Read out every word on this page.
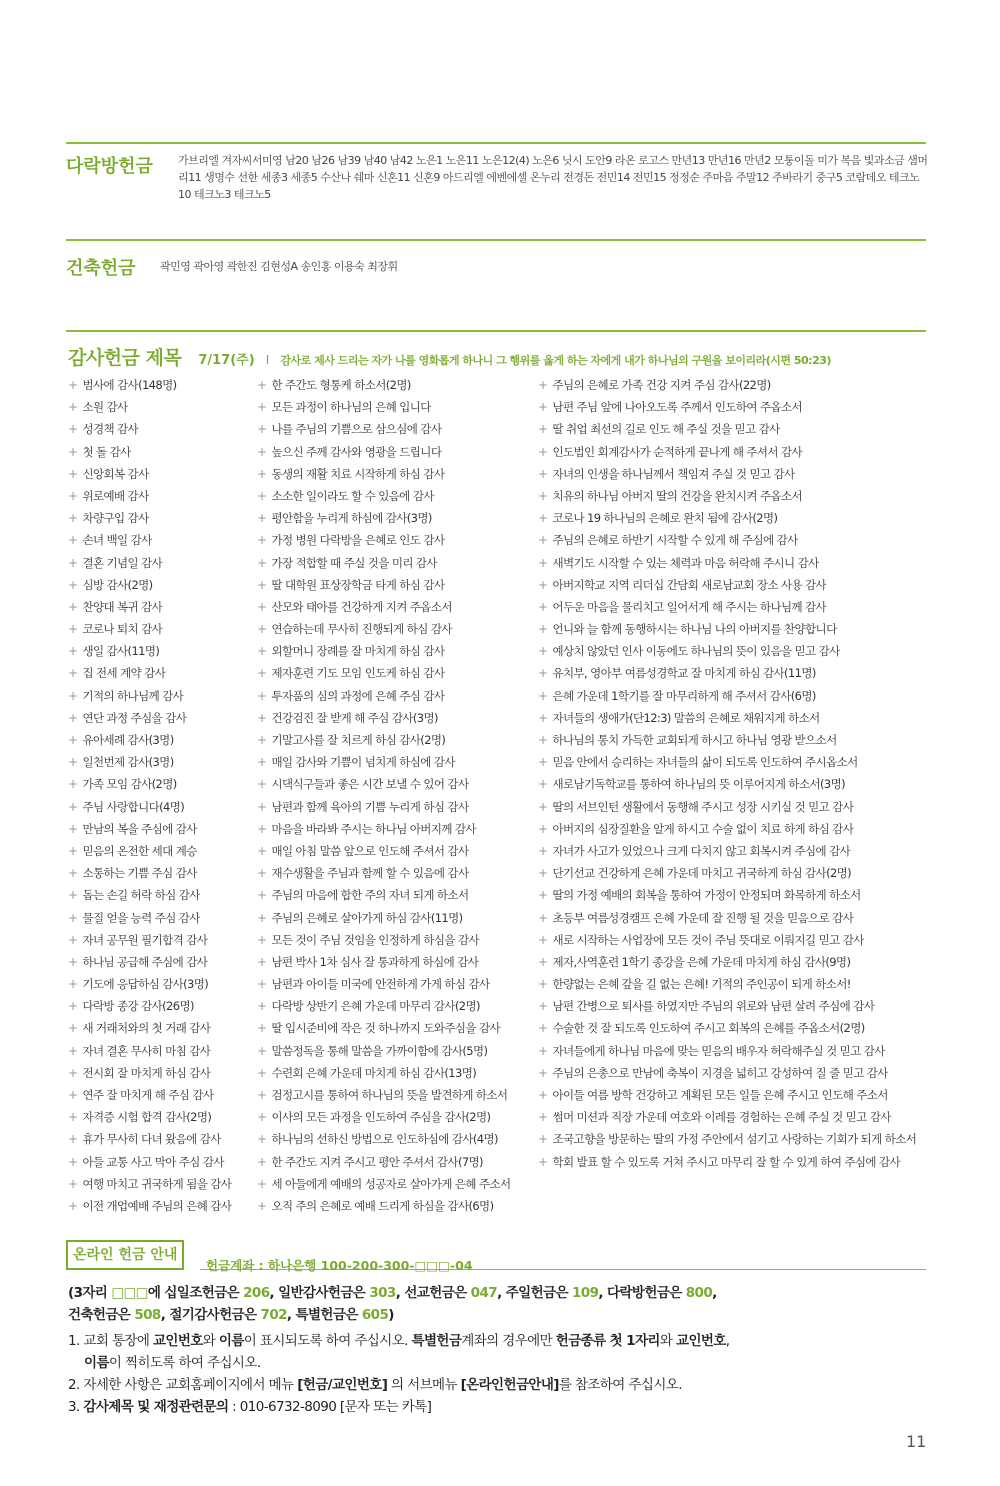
다락방헌금 가브리엘 겨자씨서미영 남20 남26 남39 남40 남42 노은1 노은11 노은12(4) 노은6 닛시 도안9 라온 로고스 만년13 만년16 만년2 모퉁이돌 미가 복음 빛과소금 샘머리11 생명수 선한 세종3 세종5 수산나 쉐마 신혼11 신혼9 아드리엘 에벤에셀 온누리 전경돈 전민14 전민15 정정순 주마음 주말12 주바라기 중구5 코람데오 테크노10 테크노3 테크노5
건축헌금 곽민영 곽아영 곽한진 김현성A 송인홍 이용숙 최장휘
감사헌금 제목 7/17(주) I 감사로 제사 드리는 자가 나를 영화롭게 하나니 그 행위를 옳게 하는 자에게 내가 하나님의 구원을 보이리라(시편 50:23)
+ 범사에 감사(148명)
+ 소원 감사
+ 성경책 감사
+ 첫 돌 감사
+ 신앙회복 감사
+ 위로예배 감사
+ 차량구입 감사
+ 손녀 백일 감사
+ 결혼 기념일 감사
+ 심방 감사(2명)
+ 찬양대 복귀 감사
+ 코로나 퇴치 감사
+ 생일 감사(11명)
+ 집 전세 계약 감사
+ 기적의 하나님께 감사
+ 연단 과정 주심을 감사
+ 유아세례 감사(3명)
+ 일천번제 감사(3명)
+ 가족 모임 감사(2명)
+ 주님 사랑합니다(4명)
+ 만남의 복을 주심에 감사
+ 믿음의 온전한 세대 계승
+ 소통하는 기쁨 주심 감사
+ 돕는 손길 허락 하심 감사
+ 물질 얻을 능력 주심 감사
+ 자녀 공무원 필기합격 감사
+ 하나님 공급해 주심에 감사
+ 기도에 응답하심 감사(3명)
+ 다락방 종강 감사(26명)
+ 새 거래처와의 첫 거래 감사
+ 자녀 결혼 무사히 마침 감사
+ 전시회 잘 마치게 하심 감사
+ 연주 잘 마치게 해 주심 감사
+ 자격증 시험 합격 감사(2명)
+ 휴가 무사히 다녀 왔음에 감사
+ 아들 교통 사고 막아 주심 감사
+ 여행 마치고 귀국하게 됨을 감사
+ 이전 개업예배 주님의 은혜 감사
+ 한 주간도 형통케 하소서(2명)
+ 모든 과정이 하나님의 은혜 입니다
+ 나를 주님의 기쁨으로 삼으심에 감사
+ 높으신 주께 감사와 영광을 드립니다
+ 동생의 재활 치료 시작하게 하심 감사
+ 소소한 일이라도 할 수 있음에 감사
+ 평안함을 누리게 하심에 감사(3명)
+ 가정 병원 다락방을 은혜로 인도 감사
+ 가장 적합할 때 주실 것을 미리 감사
+ 딸 대학원 표상장학금 타게 하심 감사
+ 산모와 태아를 건강하게 지켜 주옵소서
+ 연습하는데 무사히 진행되게 하심 감사
+ 외할머니 장례를 잘 마치게 하심 감사
+ 제자훈련 기도 모임 인도케 하심 감사
+ 투자품의 심의 과정에 은혜 주심 감사
+ 건강검진 잘 받게 해 주심 감사(3명)
+ 기말고사를 잘 치르게 하심 감사(2명)
+ 매일 감사와 기쁨이 넘치게 하심에 감사
+ 시댁식구들과 좋은 시간 보낼 수 있어 감사
+ 남편과 함께 육아의 기쁨 누리게 하심 감사
+ 마음을 바라봐 주시는 하나님 아버지께 감사
+ 매일 아침 말씀 앞으로 인도해 주셔서 감사
+ 재수생활을 주님과 함께 할 수 있음에 감사
+ 주님의 마음에 합한 주의 자녀 되게 하소서
+ 주님의 은혜로 살아가게 하심 감사(11명)
+ 모든 것이 주님 것임을 인정하게 하심을 감사
+ 남편 박사 1차 심사 잘 통과하게 하심에 감사
+ 남편과 아이들 미국에 안전하게 가게 하심 감사
+ 다락방 상반기 은혜 가운데 마무리 감사(2명)
+ 딸 입시준비에 작은 것 하나까지 도와주심을 감사
+ 말씀정독을 통해 말씀을 가까이함에 감사(5명)
+ 수련회 은혜 가운데 마치게 하심 감사(13명)
+ 검정고시를 통하여 하나님의 뜻을 발견하게 하소서
+ 이사의 모든 과정을 인도하여 주심을 감사(2명)
+ 하나님의 선하신 방법으로 인도하심에 감사(4명)
+ 한 주간도 지켜 주시고 평안 주셔서 감사(7명)
+ 세 아들에게 예배의 성공자로 살아가게 은혜 주소서
+ 오직 주의 은혜로 예배 드리게 하심을 감사(6명)
+ 주님의 은혜로 가족 건강 지켜 주심 감사(22명)
+ 남편 주님 앞에 나아오도록 주께서 인도하여 주옵소서
+ 딸 취업 최선의 길로 인도 해 주실 것을 믿고 감사
+ 인도법인 회계감사가 순적하게 끝나게 해 주셔서 감사
+ 자녀의 인생을 하나님께서 책임져 주실 것 믿고 감사
+ 치유의 하나님 아버지 딸의 건강을 완치시켜 주옵소서
+ 코로나 19 하나님의 은혜로 완치 됨에 감사(2명)
+ 주님의 은혜로 하반기 시작할 수 있게 해 주심에 감사
+ 새벽기도 시작할 수 있는 체력과 마음 허락해 주시니 감사
+ 아버지학교 지역 리더십 간담회 새로남교회 장소 사용 감사
+ 어두운 마음을 물리치고 일어서게 해 주시는 하나님께 감사
+ 언니와 늘 함께 동행하시는 하나님 나의 아버지를 찬양합니다
+ 예상치 않았던 인사 이동에도 하나님의 뜻이 있음을 믿고 감사
+ 유치부, 영아부 여름성경학교 잘 마치게 하심 감사(11명)
+ 은혜 가운데 1학기를 잘 마무리하게 해 주셔서 감사(6명)
+ 자녀들의 생애가(단12:3) 말씀의 은혜로 채워지게 하소서
+ 하나님의 통치 가득한 교회되게 하시고 하나님 영광 받으소서
+ 믿음 안에서 승리하는 자녀들의 삶이 되도록 인도하여 주시옵소서
+ 새로남기독학교를 통하여 하나님의 뜻 이루어지게 하소서(3명)
+ 딸의 서브인턴 생활에서 동행해 주시고 성장 시키실 것 믿고 감사
+ 아버지의 심장질환을 알게 하시고 수술 없이 치료 하게 하심 감사
+ 자녀가 사고가 있었으나 크게 다치지 않고 회복시켜 주심에 감사
+ 단기선교 건강하게 은혜 가운데 마치고 귀국하게 하심 감사(2명)
+ 딸의 가정 예배의 회복을 통하여 가정이 안정되며 화목하게 하소서
+ 초등부 여름성경캠프 은혜 가운데 잘 진행 될 것을 믿음으로 감사
+ 새로 시작하는 사업장에 모든 것이 주님 뜻대로 이뤄지길 믿고 감사
+ 제자,사역훈련 1학기 종강을 은혜 가운데 마치게 하심 감사(9명)
+ 한량없는 은혜 갚을 길 없는 은혜! 기적의 주인공이 되게 하소서!
+ 남편 간병으로 퇴사를 하였지만 주님의 위로와 남편 살려 주심에 감사
+ 수술한 것 잘 되도록 인도하여 주시고 회복의 은혜를 주옵소서(2명)
+ 자녀들에게 하나님 마음에 맞는 믿음의 배우자 허락해주실 것 믿고 감사
+ 주님의 은총으로 만남에 축복이 지경을 넓히고 강성하여 질 줄 믿고 감사
+ 아이들 여름 방학 건강하고 계획된 모든 일들 은혜 주시고 인도해 주소서
+ 썸머 미션과 직장 가운데 여호와 이레를 경험하는 은혜 주실 것 믿고 감사
+ 조국고향을 방문하는 딸의 가정 주안에서 섬기고 사랑하는 기회가 되게 하소서
+ 학회 발표 할 수 있도록 거쳐 주시고 마무리 잘 할 수 있게 하여 주심에 감사
온라인 헌금 안내
헌금계좌 : 하나은행 100-200-300-□□□-04
(3자리 □□□에 십일조헌금은 206, 일반감사헌금은 303, 선교헌금은 047, 주일헌금은 109, 다락방헌금은 800,
건축헌금은 508, 절기감사헌금은 702, 특별헌금은 605)
1. 교회 통장에 교인번호와 이름이 표시되도록 하여 주십시오. 특별헌금계좌의 경우에만 헌금종류 첫 1자리와 교인번호,
이름이 찍히도록 하여 주십시오.
2. 자세한 사항은 교회홈페이지에서 메뉴 [헌금/교인번호] 의 서브메뉴 [온라인헌금안내]를 참조하여 주십시오.
3. 감사제목 및 재정관련문의 : 010-6732-8090 [문자 또는 카톡]
11
